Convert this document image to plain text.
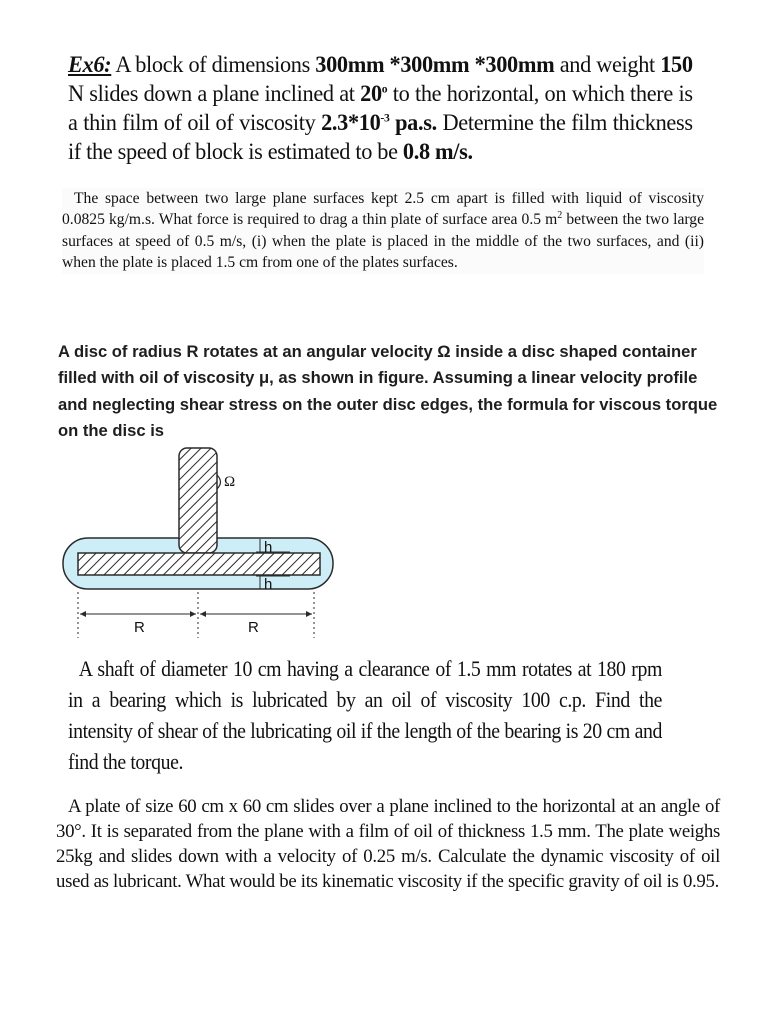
Ex6: A block of dimensions 300mm *300mm *300mm and weight 150 N slides down a plane inclined at 20$^o$ to the horizontal, on which there is a thin film of oil of viscosity $2.3*10^{-3}$ pa.s. Determine the film thickness if the speed of block is estimated to be 0.8 m/s.

The space between two large plane surfaces kept 2.5 cm apart is filled with liquid of viscosity 0.0825 kg/m.s. What force is required to drag a thin plate of surface area 0.5 $m^2$ between the two large surfaces at speed of 0.5 m/s, (i) when the plate is placed in the middle of the two surfaces, and (ii) when the plate is placed 1.5 cm from one of the plates surfaces.

A disc of radius R rotates at an angular velocity Ω inside a disc shaped container filled with oil of viscosity μ, as shown in figure. Assuming a linear velocity profile and neglecting shear stress on the outer disc edges, the formula for viscous torque on the disc is

Ω
h
h
R	R

A shaft of diameter 10 cm having a clearance of 1.5 mm rotates at 180 rpm in a bearing which is lubricated by an oil of viscosity 100 c.p. Find the intensity of shear of the lubricating oil if the length of the bearing is 20 cm and find the torque.

A plate of size 60 cm x 60 cm slides over a plane inclined to the horizontal at an angle of 30°. It is separated from the plane with a film of oil of thickness 1.5 mm. The plate weighs 25kg and slides down with a velocity of 0.25 m/s. Calculate the dynamic viscosity of oil used as lubricant. What would be its kinematic viscosity if the specific gravity of oil is 0.95.
